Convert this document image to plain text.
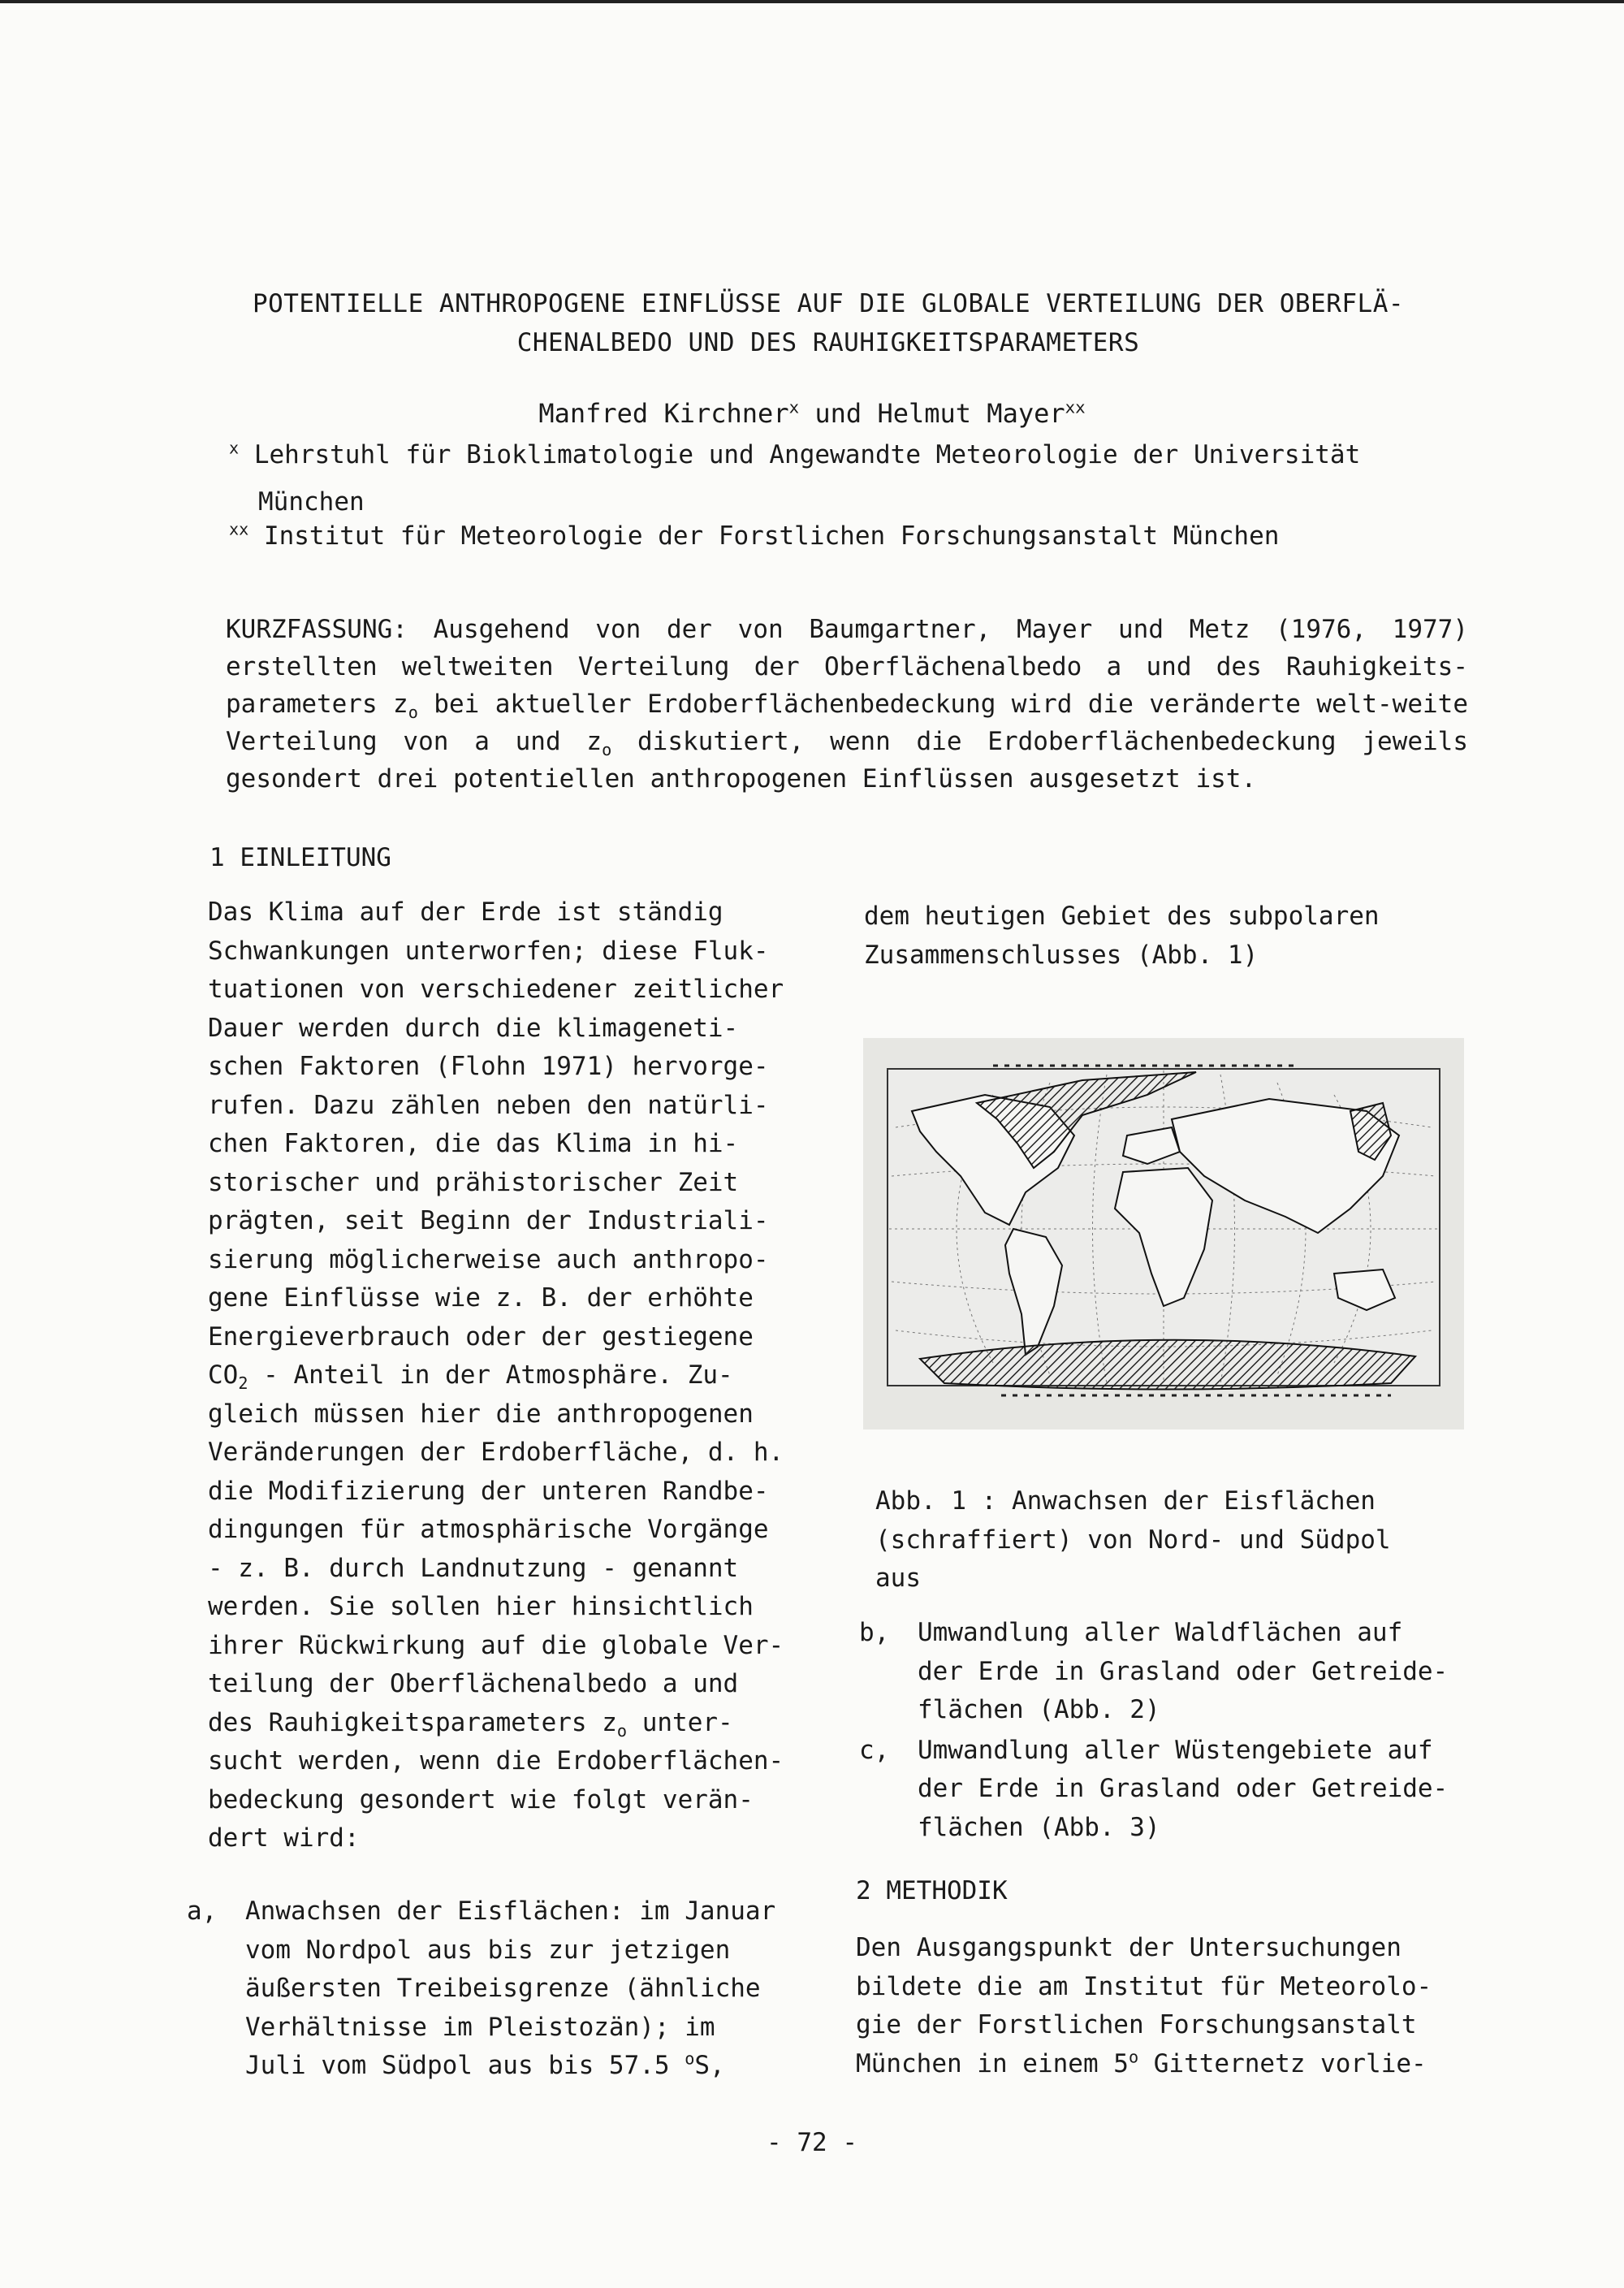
POTENTIELLE ANTHROPOGENE EINFLÜSSE AUF DIE GLOBALE VERTEILUNG DER OBERFLÄ-
CHENALBEDO UND DES RAUHIGKEITSPARAMETERS
Manfred Kirchner$^x$ und Helmut Mayer$^{xx}$
$^x$ Lehrstuhl für Bioklimatologie und Angewandte Meteorologie der Universität
München
$^{xx}$ Institut für Meteorologie der Forstlichen Forschungsanstalt München
KURZFASSUNG: Ausgehend von der von Baumgartner, Mayer und Metz (1976, 1977) erstellten weltweiten Verteilung der Oberflächenalbedo a und des Rauhigkeits-parameters $z_o$ bei aktueller Erdoberflächenbedeckung wird die veränderte welt-weite Verteilung von a und $z_o$ diskutiert, wenn die Erdoberflächenbedeckung jeweils gesondert drei potentiellen anthropogenen Einflüssen ausgesetzt ist.
1 EINLEITUNG
Das Klima auf der Erde ist ständig
Schwankungen unterworfen; diese Fluk-
tuationen von verschiedener zeitlicher
Dauer werden durch die klimageneti-
schen Faktoren (Flohn 1971) hervorge-
rufen. Dazu zählen neben den natürli-
chen Faktoren, die das Klima in hi-
storischer und prähistorischer Zeit
prägten, seit Beginn der Industriali-
sierung möglicherweise auch anthropo-
gene Einflüsse wie z. B. der erhöhte
Energieverbrauch oder der gestiegene
$CO_2$ - Anteil in der Atmosphäre. Zu-
gleich müssen hier die anthropogenen
Veränderungen der Erdoberfläche, d. h.
die Modifizierung der unteren Randbe-
dingungen für atmosphärische Vorgänge
- z. B. durch Landnutzung - genannt
werden. Sie sollen hier hinsichtlich
ihrer Rückwirkung auf die globale Ver-
teilung der Oberflächenalbedo a und
des Rauhigkeitsparameters $z_o$ unter-
sucht werden, wenn die Erdoberflächen-
bedeckung gesondert wie folgt verän-
dert wird:
a,	Anwachsen der Eisflächen: im Januar
vom Nordpol aus bis zur jetzigen
äußersten Treibeisgrenze (ähnliche
Verhältnisse im Pleistozän); im
Juli vom Südpol aus bis 57.5 $^o$S,
dem heutigen Gebiet des subpolaren
Zusammenschlusses (Abb. 1)
Abb. 1 : Anwachsen der Eisflächen
(schraffiert) von Nord- und Südpol
aus
b,	Umwandlung aller Waldflächen auf
der Erde in Grasland oder Getreide-
flächen (Abb. 2)
c,	Umwandlung aller Wüstengebiete auf
der Erde in Grasland oder Getreide-
flächen (Abb. 3)
2 METHODIK
Den Ausgangspunkt der Untersuchungen
bildete die am Institut für Meteorolo-
gie der Forstlichen Forschungsanstalt
München in einem 5$^o$ Gitternetz vorlie-
- 72 -
